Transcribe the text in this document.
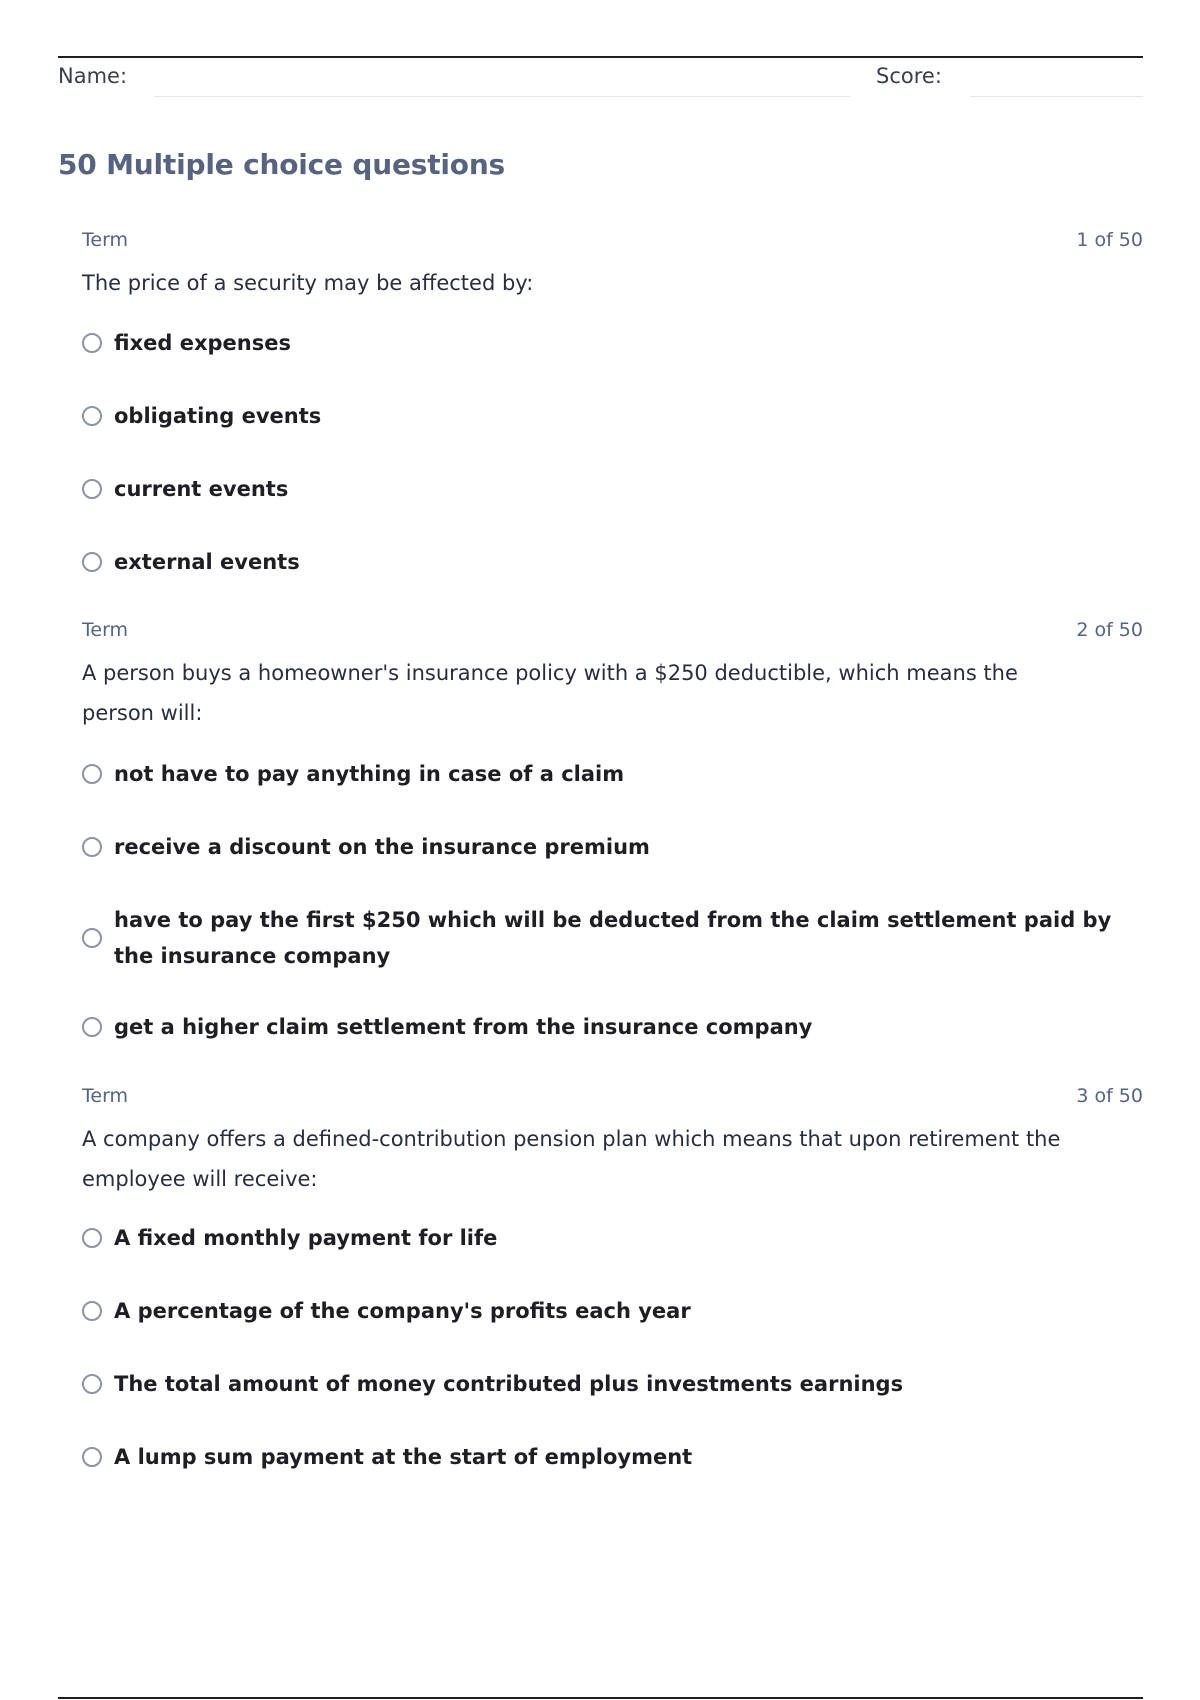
Name:	Score:
50 Multiple choice questions
Term	1 of 50
The price of a security may be affected by:
fixed expenses
obligating events
current events
external events
Term	2 of 50
A person buys a homeowner's insurance policy with a $250 deductible, which means the person will:
not have to pay anything in case of a claim
receive a discount on the insurance premium
have to pay the first $250 which will be deducted from the claim settlement paid by the insurance company
get a higher claim settlement from the insurance company
Term	3 of 50
A company offers a defined-contribution pension plan which means that upon retirement the employee will receive:
A fixed monthly payment for life
A percentage of the company's profits each year
The total amount of money contributed plus investments earnings
A lump sum payment at the start of employment
